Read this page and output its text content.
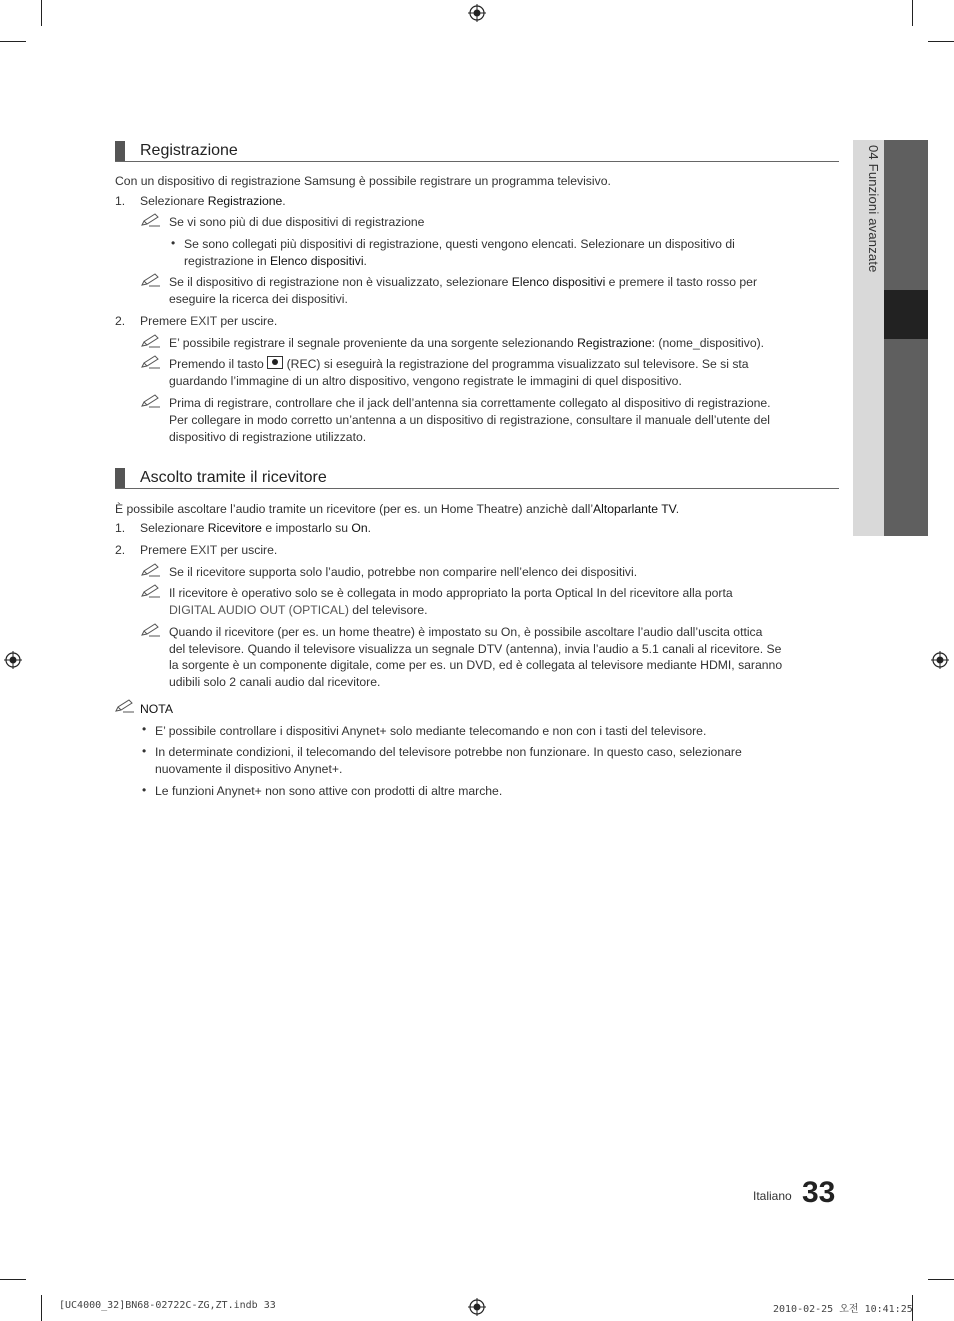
04 Funzioni avanzate
Registrazione
Con un dispositivo di registrazione Samsung è possibile registrare un programma televisivo.
1. Selezionare Registrazione.
Se vi sono più di due dispositivi di registrazione
• Se sono collegati più dispositivi di registrazione, questi vengono elencati. Selezionare un dispositivo di
registrazione in Elenco dispositivi.
Se il dispositivo di registrazione non è visualizzato, selezionare Elenco dispositivi e premere il tasto rosso per
eseguire la ricerca dei dispositivi.
2. Premere EXIT per uscire.
E’ possibile registrare il segnale proveniente da una sorgente selezionando Registrazione: (nome_dispositivo).
Premendo il tasto  (REC) si eseguirà la registrazione del programma visualizzato sul televisore. Se si sta
guardando l’immagine di un altro dispositivo, vengono registrate le immagini di quel dispositivo.
Prima di registrare, controllare che il jack dell’antenna sia correttamente collegato al dispositivo di registrazione.
Per collegare in modo corretto un’antenna a un dispositivo di registrazione, consultare il manuale dell’utente del
dispositivo di registrazione utilizzato.
Ascolto tramite il ricevitore
È possibile ascoltare l’audio tramite un ricevitore (per es. un Home Theatre) anzichè dall’Altoparlante TV.
1. Selezionare Ricevitore e impostarlo su On.
2. Premere EXIT per uscire.
Se il ricevitore supporta solo l’audio, potrebbe non comparire nell’elenco dei dispositivi.
Il ricevitore è operativo solo se è collegata in modo appropriato la porta Optical In del ricevitore alla porta
DIGITAL AUDIO OUT (OPTICAL) del televisore.
Quando il ricevitore (per es. un home theatre) è impostato su On, è possibile ascoltare l’audio dall’uscita ottica
del televisore. Quando il televisore visualizza un segnale DTV (antenna), invia l’audio a 5.1 canali al ricevitore. Se
la sorgente è un componente digitale, come per es. un DVD, ed è collegata al televisore mediante HDMI, saranno
udibili solo 2 canali audio dal ricevitore.
NOTA
• E’ possibile controllare i dispositivi Anynet+ solo mediante telecomando e non con i tasti del televisore.
• In determinate condizioni, il telecomando del televisore potrebbe non funzionare. In questo caso, selezionare
nuovamente il dispositivo Anynet+.
• Le funzioni Anynet+ non sono attive con prodotti di altre marche.
Italiano 33
[UC4000_32]BN68-02722C-ZG,ZT.indb 33	2010-02-25 오전 10:41:25
